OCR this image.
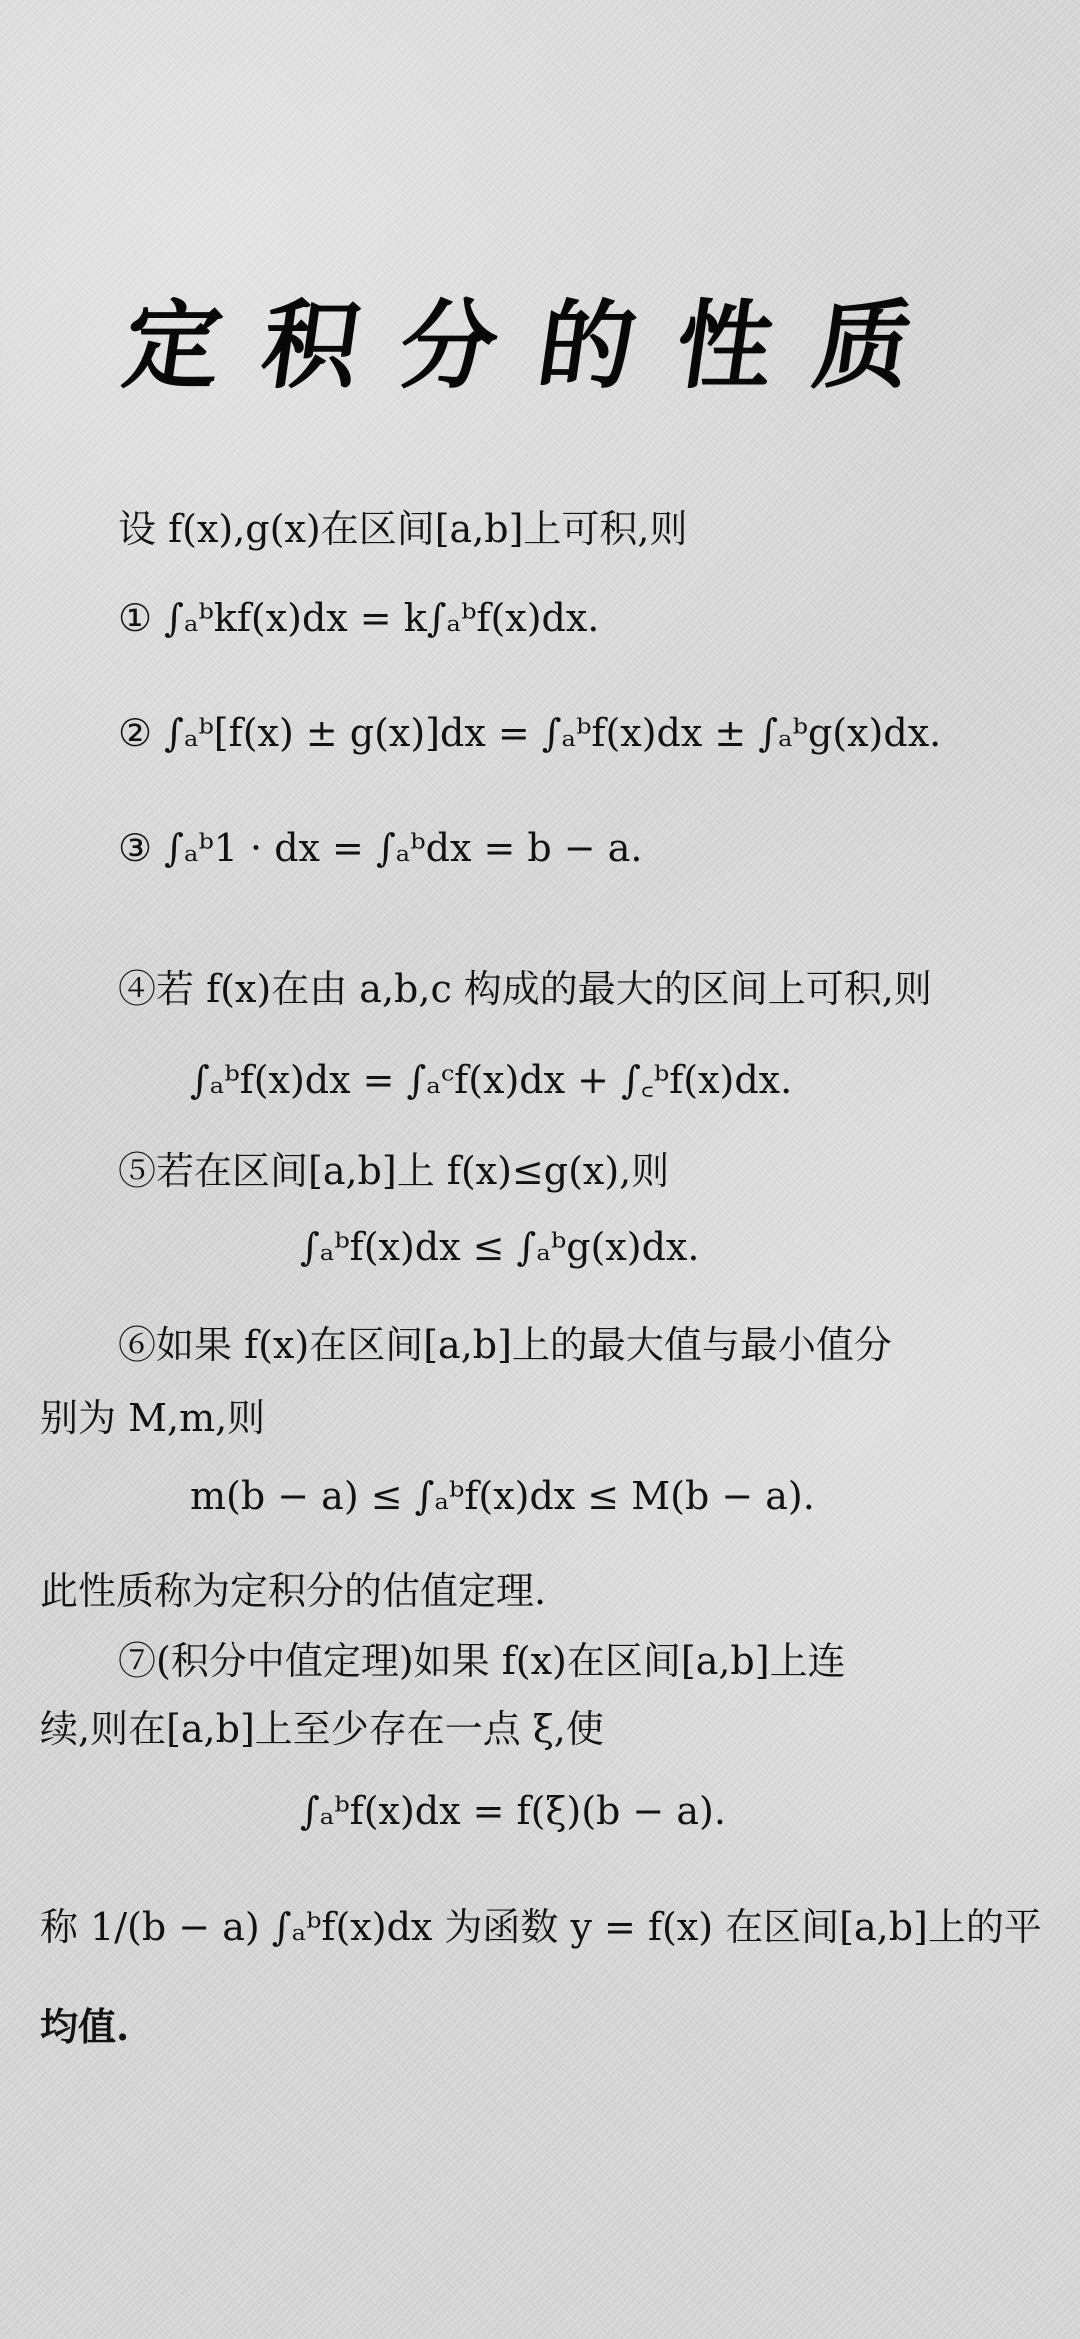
定积分的性质
设 f(x),g(x)在区间[a,b]上可积,则
① ∫ₐᵇkf(x)dx = k∫ₐᵇf(x)dx.
② ∫ₐᵇ[f(x) ± g(x)]dx = ∫ₐᵇf(x)dx ± ∫ₐᵇg(x)dx.
③ ∫ₐᵇ1 · dx = ∫ₐᵇdx = b − a.
④若 f(x)在由 a,b,c 构成的最大的区间上可积,则
∫ₐᵇf(x)dx = ∫ₐᶜf(x)dx + ∫꜀ᵇf(x)dx.
⑤若在区间[a,b]上 f(x)≤g(x),则
∫ₐᵇf(x)dx ≤ ∫ₐᵇg(x)dx.
⑥如果 f(x)在区间[a,b]上的最大值与最小值分
别为 M,m,则
m(b − a) ≤ ∫ₐᵇf(x)dx ≤ M(b − a).
此性质称为定积分的估值定理.
⑦(积分中值定理)如果 f(x)在区间[a,b]上连
续,则在[a,b]上至少存在一点 ξ,使
∫ₐᵇf(x)dx = f(ξ)(b − a).
称 1/(b − a) ∫ₐᵇf(x)dx 为函数 y = f(x) 在区间[a,b]上的平
均值.
